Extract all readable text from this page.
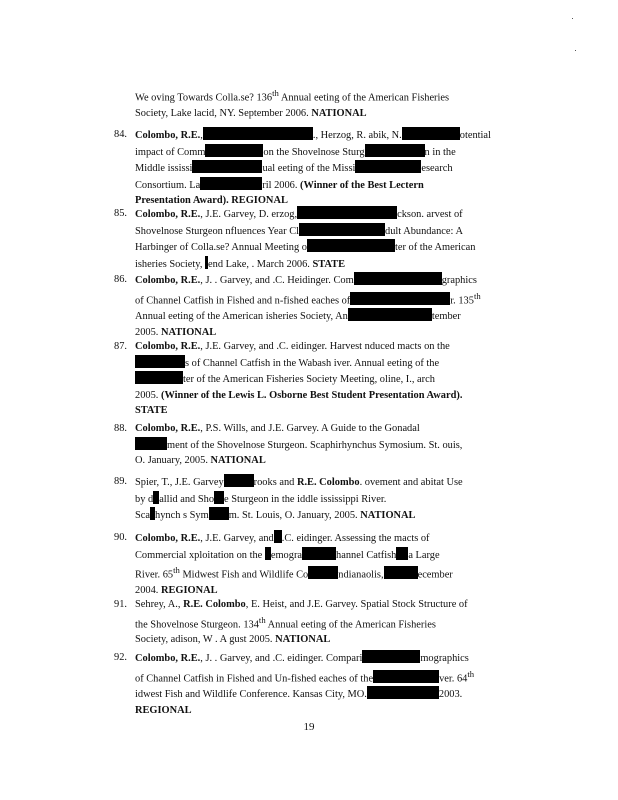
We oving Towards Colla.se? 136th Annual eeting of the American Fisheries
Society, Lake lacid, NY. September 2006. NATIONAL
84. Colombo, R.E.,	., Herzog, R. abik, N.	otential
impact of Comm	on the Shovelnose Sturg	n in the
Middle ississi	ual eeting of the Missi	esearch
Consortium. La	ril 2006. (Winner of the Best Lectern
Presentation Award). REGIONAL
85. Colombo, R.E., J.E. Garvey, D. erzog,	ckson. arvest of
Shovelnose Sturgeon nfluences Year Cl	dult Abundance: A
Harbinger of Colla.se? Annual Meeting o	ter of the American
isheries Society, end Lake, . March 2006. STATE
86. Colombo, R.E., J. . Garvey, and .C. Heidinger. Com	graphics
of Channel Catfish in Fished and n-fished eaches of	r. 135th
Annual eeting of the American isheries Society, An	tember
2005. NATIONAL
87. Colombo, R.E., J.E. Garvey, and .C. eidinger. Harvest nduced macts on the
s of Channel Catfish in the Wabash iver. Annual eeting of the
ter of the American Fisheries Society Meeting, oline, I., arch
2005. (Winner of the Lewis L. Osborne Best Student Presentation Award).
STATE
88. Colombo, R.E., P.S. Wills, and J.E. Garvey. A Guide to the Gonadal
ment of the Shovelnose Sturgeon. Scaphirhynchus Symosium. St. ouis,
O. January, 2005. NATIONAL
89. Spier, T., J.E. Garvey	rooks and R.E. Colombo. ovement and abitat Use
by d allid and Sho e Sturgeon in the iddle ississippi River.
Sca hynch s Sym m. St. Louis, O. January, 2005. NATIONAL
90. Colombo, R.E., J.E. Garvey, and .C. eidinger. Assessing the macts of
Commercial xploitation on the emogra	hannel Catfish a Large
River. 65th Midwest Fish and Wildlife Co	ndianaolis,	ecember
2004. REGIONAL
91. Sehrey, A., R.E. Colombo, E. Heist, and J.E. Garvey. Spatial Stock Structure of
the Shovelnose Sturgeon. 134th Annual eeting of the American Fisheries
Society, adison, W . A gust 2005. NATIONAL
92. Colombo, R.E., J. . Garvey, and .C. eidinger. Compari	mographics
of Channel Catfish in Fished and Un-fished eaches of the	ver. 64th
idwest Fish and Wildlife Conference. Kansas City, MO.	2003.
REGIONAL
19
